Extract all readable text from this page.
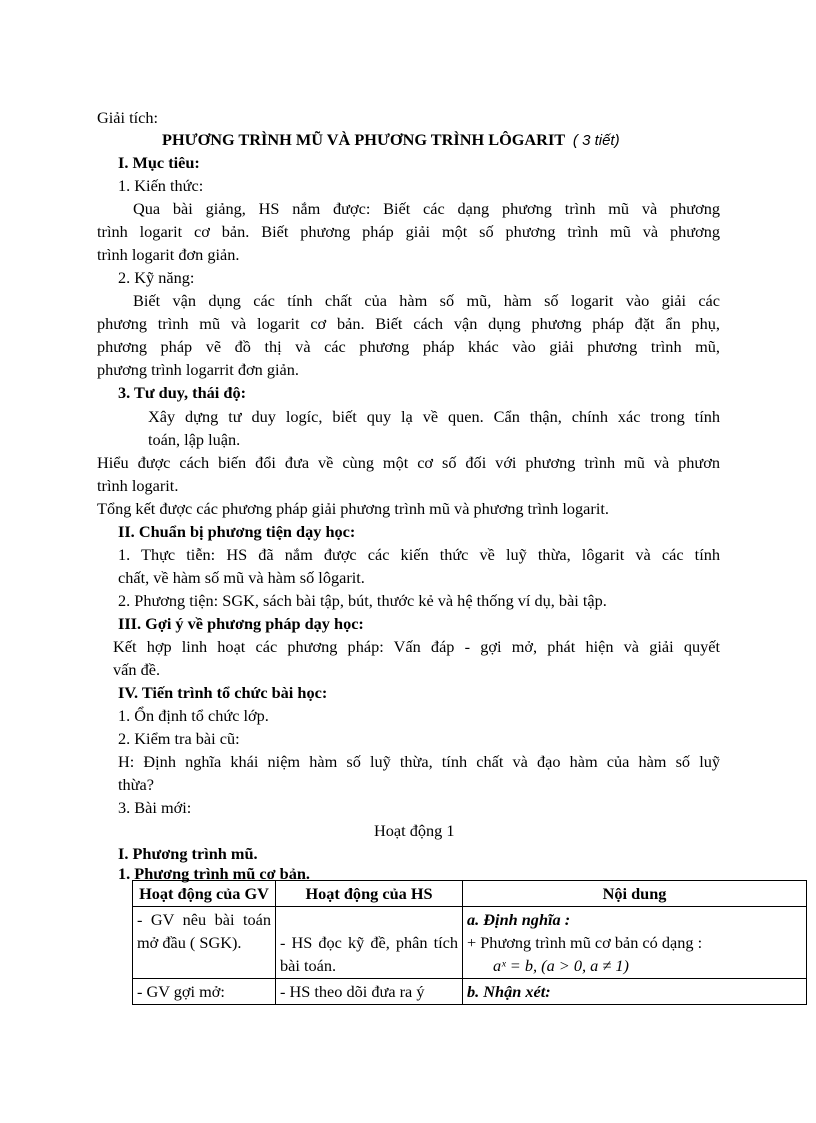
Giải tích:
PHƯƠNG TRÌNH MŨ VÀ PHƯƠNG TRÌNH LÔGARIT ( 3 tiết)
I. Mục tiêu:
1. Kiến thức:
Qua bài giảng, HS nắm được: Biết các dạng phương trình mũ và phương
trình logarit cơ bản. Biết phương pháp giải một số phương trình mũ và phương
trình logarit đơn giản.
2. Kỹ năng:
Biết vận dụng các tính chất của hàm số mũ, hàm số logarit vào giải các
phương trình mũ và logarit cơ bản. Biết cách vận dụng phương pháp đặt ẩn phụ,
phương pháp vẽ đồ thị và các phương pháp khác vào giải phương trình mũ,
phương trình logarrit đơn giản.
3. Tư duy, thái độ:
Xây dựng tư duy logíc, biết quy lạ về quen. Cẩn thận, chính xác trong tính
toán, lập luận.
Hiểu được cách biến đổi đưa về cùng một cơ số đối với phương trình mũ và phươn
trình logarit.
Tổng kết được các phương pháp giải phương trình mũ và phương trình logarit.
II. Chuẩn bị phương tiện dạy học:
1. Thực tiễn: HS đã nắm được các kiến thức về luỹ thừa, lôgarit và các tính
chất, về hàm số mũ và hàm số lôgarit.
2. Phương tiện: SGK, sách bài tập, bút, thước kẻ và hệ thống ví dụ, bài tập.
III. Gợi ý về phương pháp dạy học:
Kết hợp linh hoạt các phương pháp: Vấn đáp - gợi mở, phát hiện và giải quyết
vấn đề.
IV. Tiến trình tổ chức bài học:
1. Ổn định tổ chức lớp.
2. Kiểm tra bài cũ:
H: Định nghĩa khái niệm hàm số luỹ thừa, tính chất và đạo hàm của hàm số luỹ
thừa?
3. Bài mới:
Hoạt động 1
I. Phương trình mũ.
1. Phương trình mũ cơ bản.
Hoạt động của GV	Hoạt động của HS	Nội dung
- GV nêu bài toán mở đầu ( SGK).	- HS đọc kỹ đề, phân tích bài toán.	a. Định nghĩa :
+ Phương trình mũ cơ bản có dạng :
aˣ = b, (a > 0, a ≠ 1)

- GV gợi mở:	- HS theo dõi đưa ra ý	b. Nhận xét:
